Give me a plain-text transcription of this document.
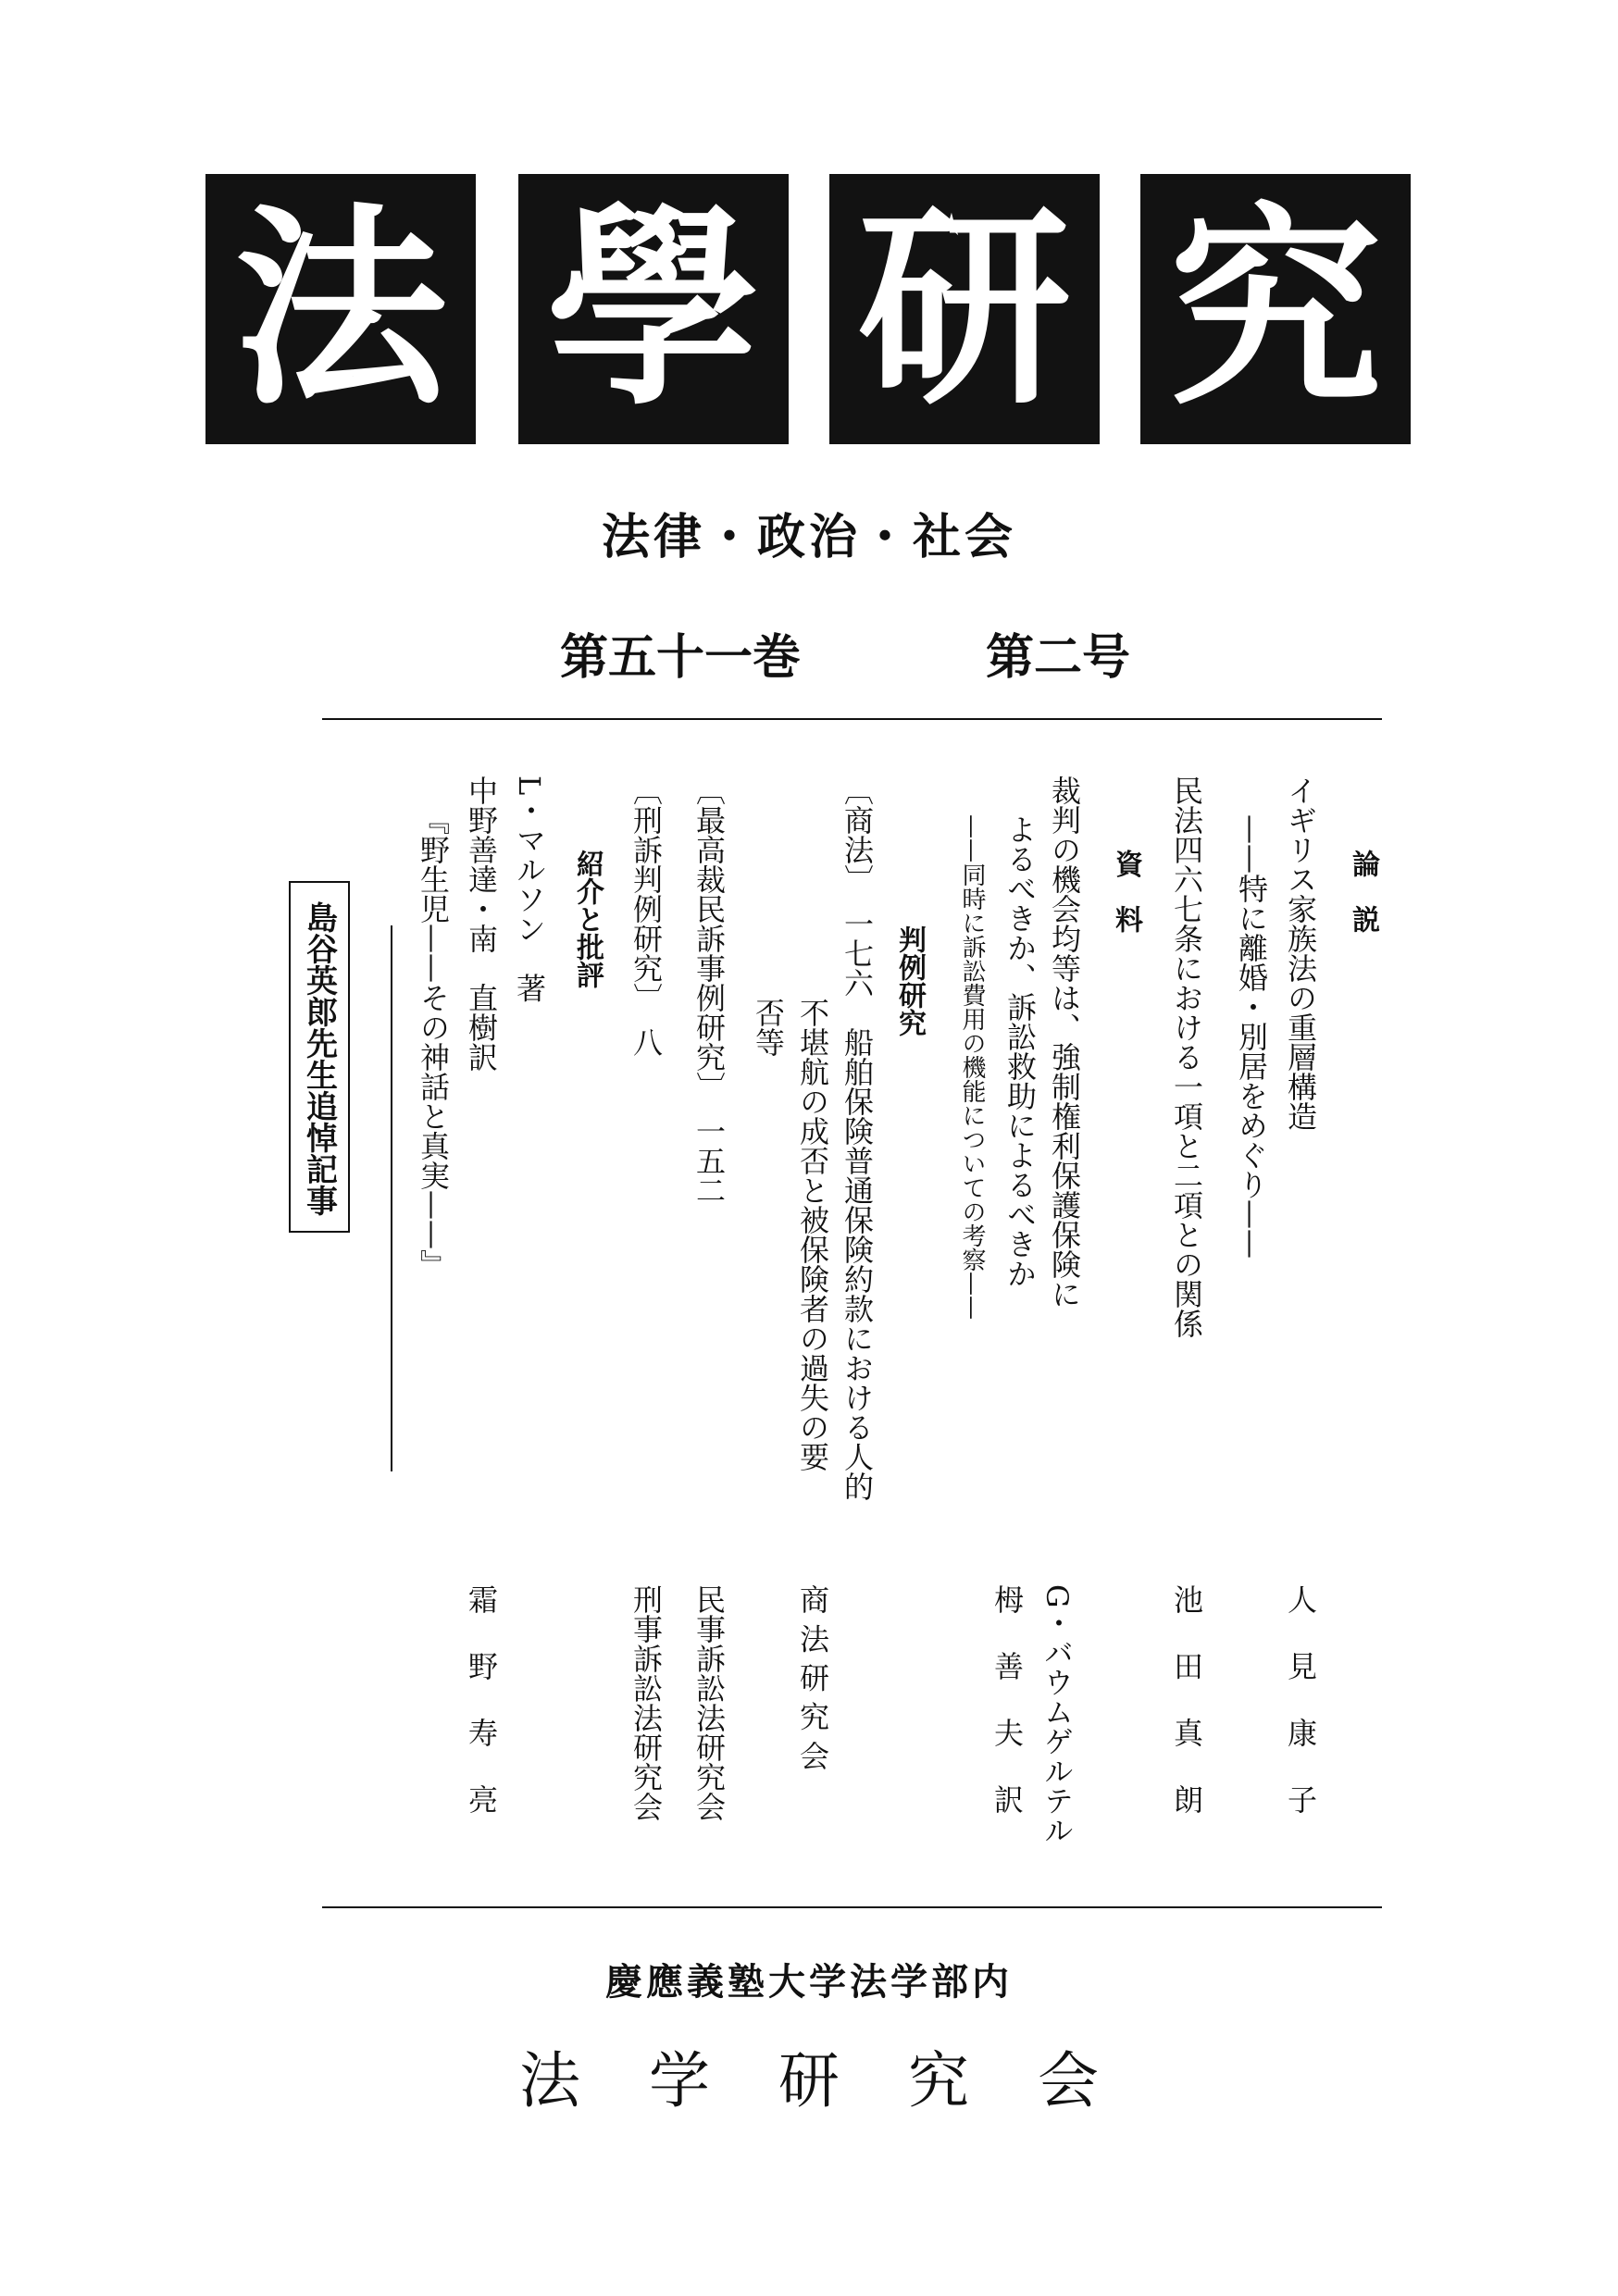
法 學 研 究
法律・政治・社会
第五十一巻	第二号
論　説
イギリス家族法の重層構造
——特に離婚・別居をめぐり——
人　見　康　子
民法四六七条における一項と二項との関係
池　田　真　朗
資　料
裁判の機会均等は、強制権利保護保険に
よるべきか、訴訟救助によるべきか
——同時に訴訟費用の機能についての考察——
G・バウムゲルテル
栂　善　夫　訳
判例研究
〔商法〕　一七六　船舶保険普通保険約款における人的
不堪航の成否と被保険者の過失の要
否等
商 法 研 究 会
〔最高裁民訴事例研究〕　一五二
民事訴訟法研究会
〔刑訴判例研究〕　八
刑事訴訟法研究会
紹介と批評
L・マルソン　著
中野善達・南　直樹訳
『野生児——その神話と真実——』
霜　野　寿　亮
島谷英郎先生追悼記事
慶應義塾大学法学部内
法学研究会
